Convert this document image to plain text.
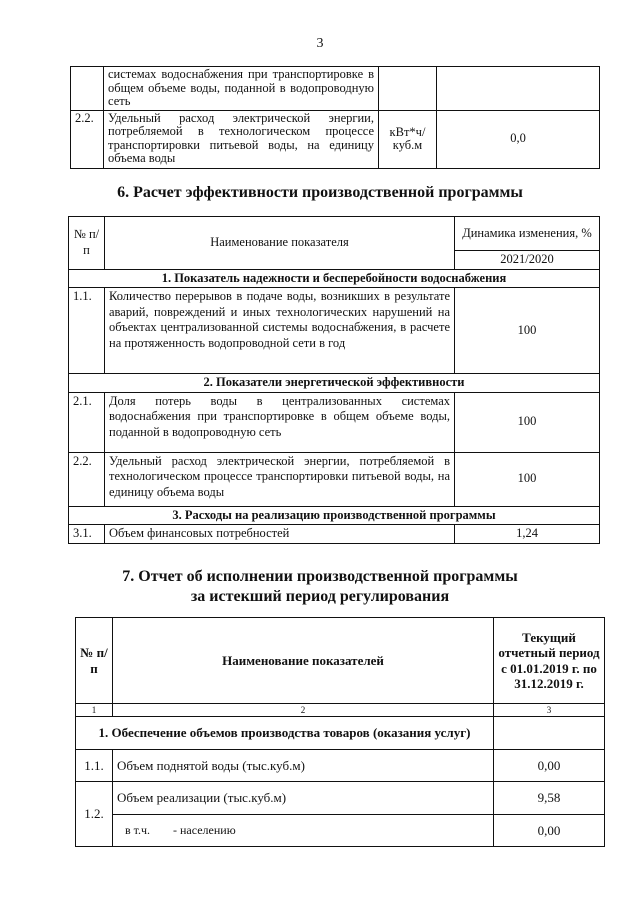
3
	системах водоснабжения при транспортировке в общем объеме воды, поданной в водопроводную сеть		
2.2.	Удельный расход электрической энергии, потребляемой в технологическом процессе транспортировки питьевой воды, на единицу объема воды	кВт*ч/ куб.м	0,0
6. Расчет эффективности производственной программы
№ п/п	Наименование показателя	Динамика изменения, %
		2021/2020
1. Показатель надежности и бесперебойности водоснабжения		
1.1.	Количество перерывов в подаче воды, возникших в результате аварий, повреждений и иных технологических нарушений на объектах централизованной системы водоснабжения, в расчете на протяженность водопроводной сети в год	100
2. Показатели энергетической эффективности		
2.1.	Доля потерь воды в централизованных системах водоснабжения при транспортировке в общем объеме воды, поданной в водопроводную сеть	100
2.2.	Удельный расход электрической энергии, потребляемой в технологическом процессе транспортировки питьевой воды, на единицу объема воды	100
3. Расходы на реализацию производственной программы		
3.1.	Объем финансовых потребностей	1,24
7. Отчет об исполнении производственной программы
за истекший период регулирования
№ п/п	Наименование показателей	Текущий отчетный период с 01.01.2019 г. по 31.12.2019 г.
1	2	3
1. Обеспечение объемов производства товаров (оказания услуг)		
1.1.	Объем поднятой воды (тыс.куб.м)	0,00
1.2.	Объем реализации (тыс.куб.м)	9,58
	в т.ч. - населению	0,00
